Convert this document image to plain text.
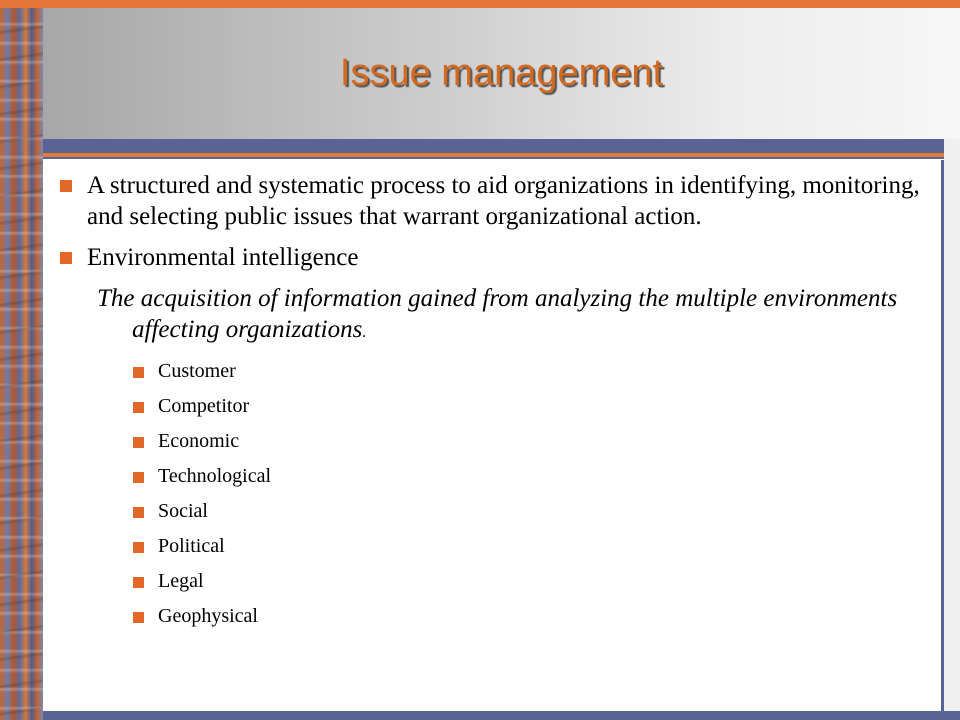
Issue management
A structured and systematic process to aid organizations in identifying, monitoring, and selecting public issues that warrant organizational action.
Environmental intelligence
The acquisition of information gained from analyzing the multiple environments affecting organizations.
Customer
Competitor
Economic
Technological
Social
Political
Legal
Geophysical
